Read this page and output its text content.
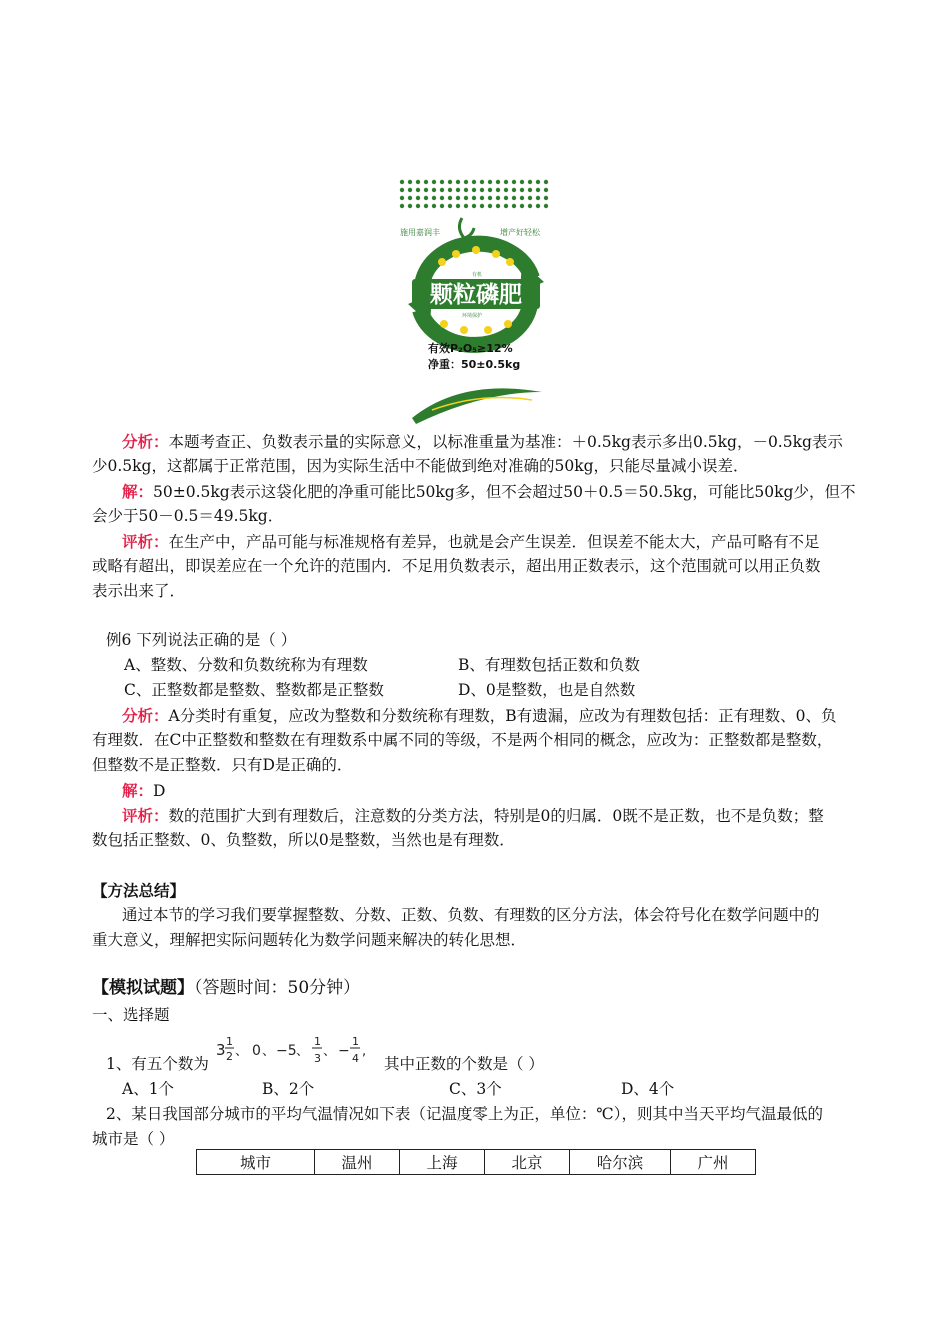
施用嘉润丰	增产好轻松
嘉润丰
有机
颗粒磷肥
环境保护
有效P₂O₅≥12%
净重：50±0.5kg
分析：本题考查正、负数表示量的实际意义，以标准重量为基准：＋0.5kg表示多出0.5kg，－0.5kg表示
少0.5kg，这都属于正常范围，因为实际生活中不能做到绝对准确的50kg，只能尽量减小误差．
解：50±0.5kg表示这袋化肥的净重可能比50kg多，但不会超过50＋0.5＝50.5kg，可能比50kg少，但不
会少于50－0.5＝49.5kg．
评析：在生产中，产品可能与标准规格有差异，也就是会产生误差．但误差不能太大，产品可略有不足
或略有超出，即误差应在一个允许的范围内．不足用负数表示，超出用正数表示，这个范围就可以用正负数
表示出来了．
例6 下列说法正确的是（ ）
A、整数、分数和负数统称为有理数	B、有理数包括正数和负数
C、正整数都是整数、整数都是正整数	D、0是整数，也是自然数
分析：A分类时有重复，应改为整数和分数统称有理数，B有遗漏，应改为有理数包括：正有理数、0、负
有理数．在C中正整数和整数在有理数系中属不同的等级，不是两个相同的概念，应改为：正整数都是整数，
但整数不是正整数．只有D是正确的．
解：D
评析：数的范围扩大到有理数后，注意数的分类方法，特别是0的归属．0既不是正数，也不是负数；整
数包括正整数、0、负整数，所以0是整数，当然也是有理数．
【方法总结】
通过本节的学习我们要掌握整数、分数、正数、负数、有理数的区分方法，体会符号化在数学问题中的
重大意义，理解把实际问题转化为数学问题来解决的转化思想．
【模拟试题】（答题时间：50分钟）
一、选择题
1、有五个数为
3 1
2 、 0 、 −5 、
1
3 、 −
1
4 ,
其中正数的个数是（ ）
A、1个	B、2个	C、3个	D、4个
2、某日我国部分城市的平均气温情况如下表（记温度零上为正，单位：℃），则其中当天平均气温最低的
城市是（ ）
城市	温州	上海	北京	哈尔滨	广州
